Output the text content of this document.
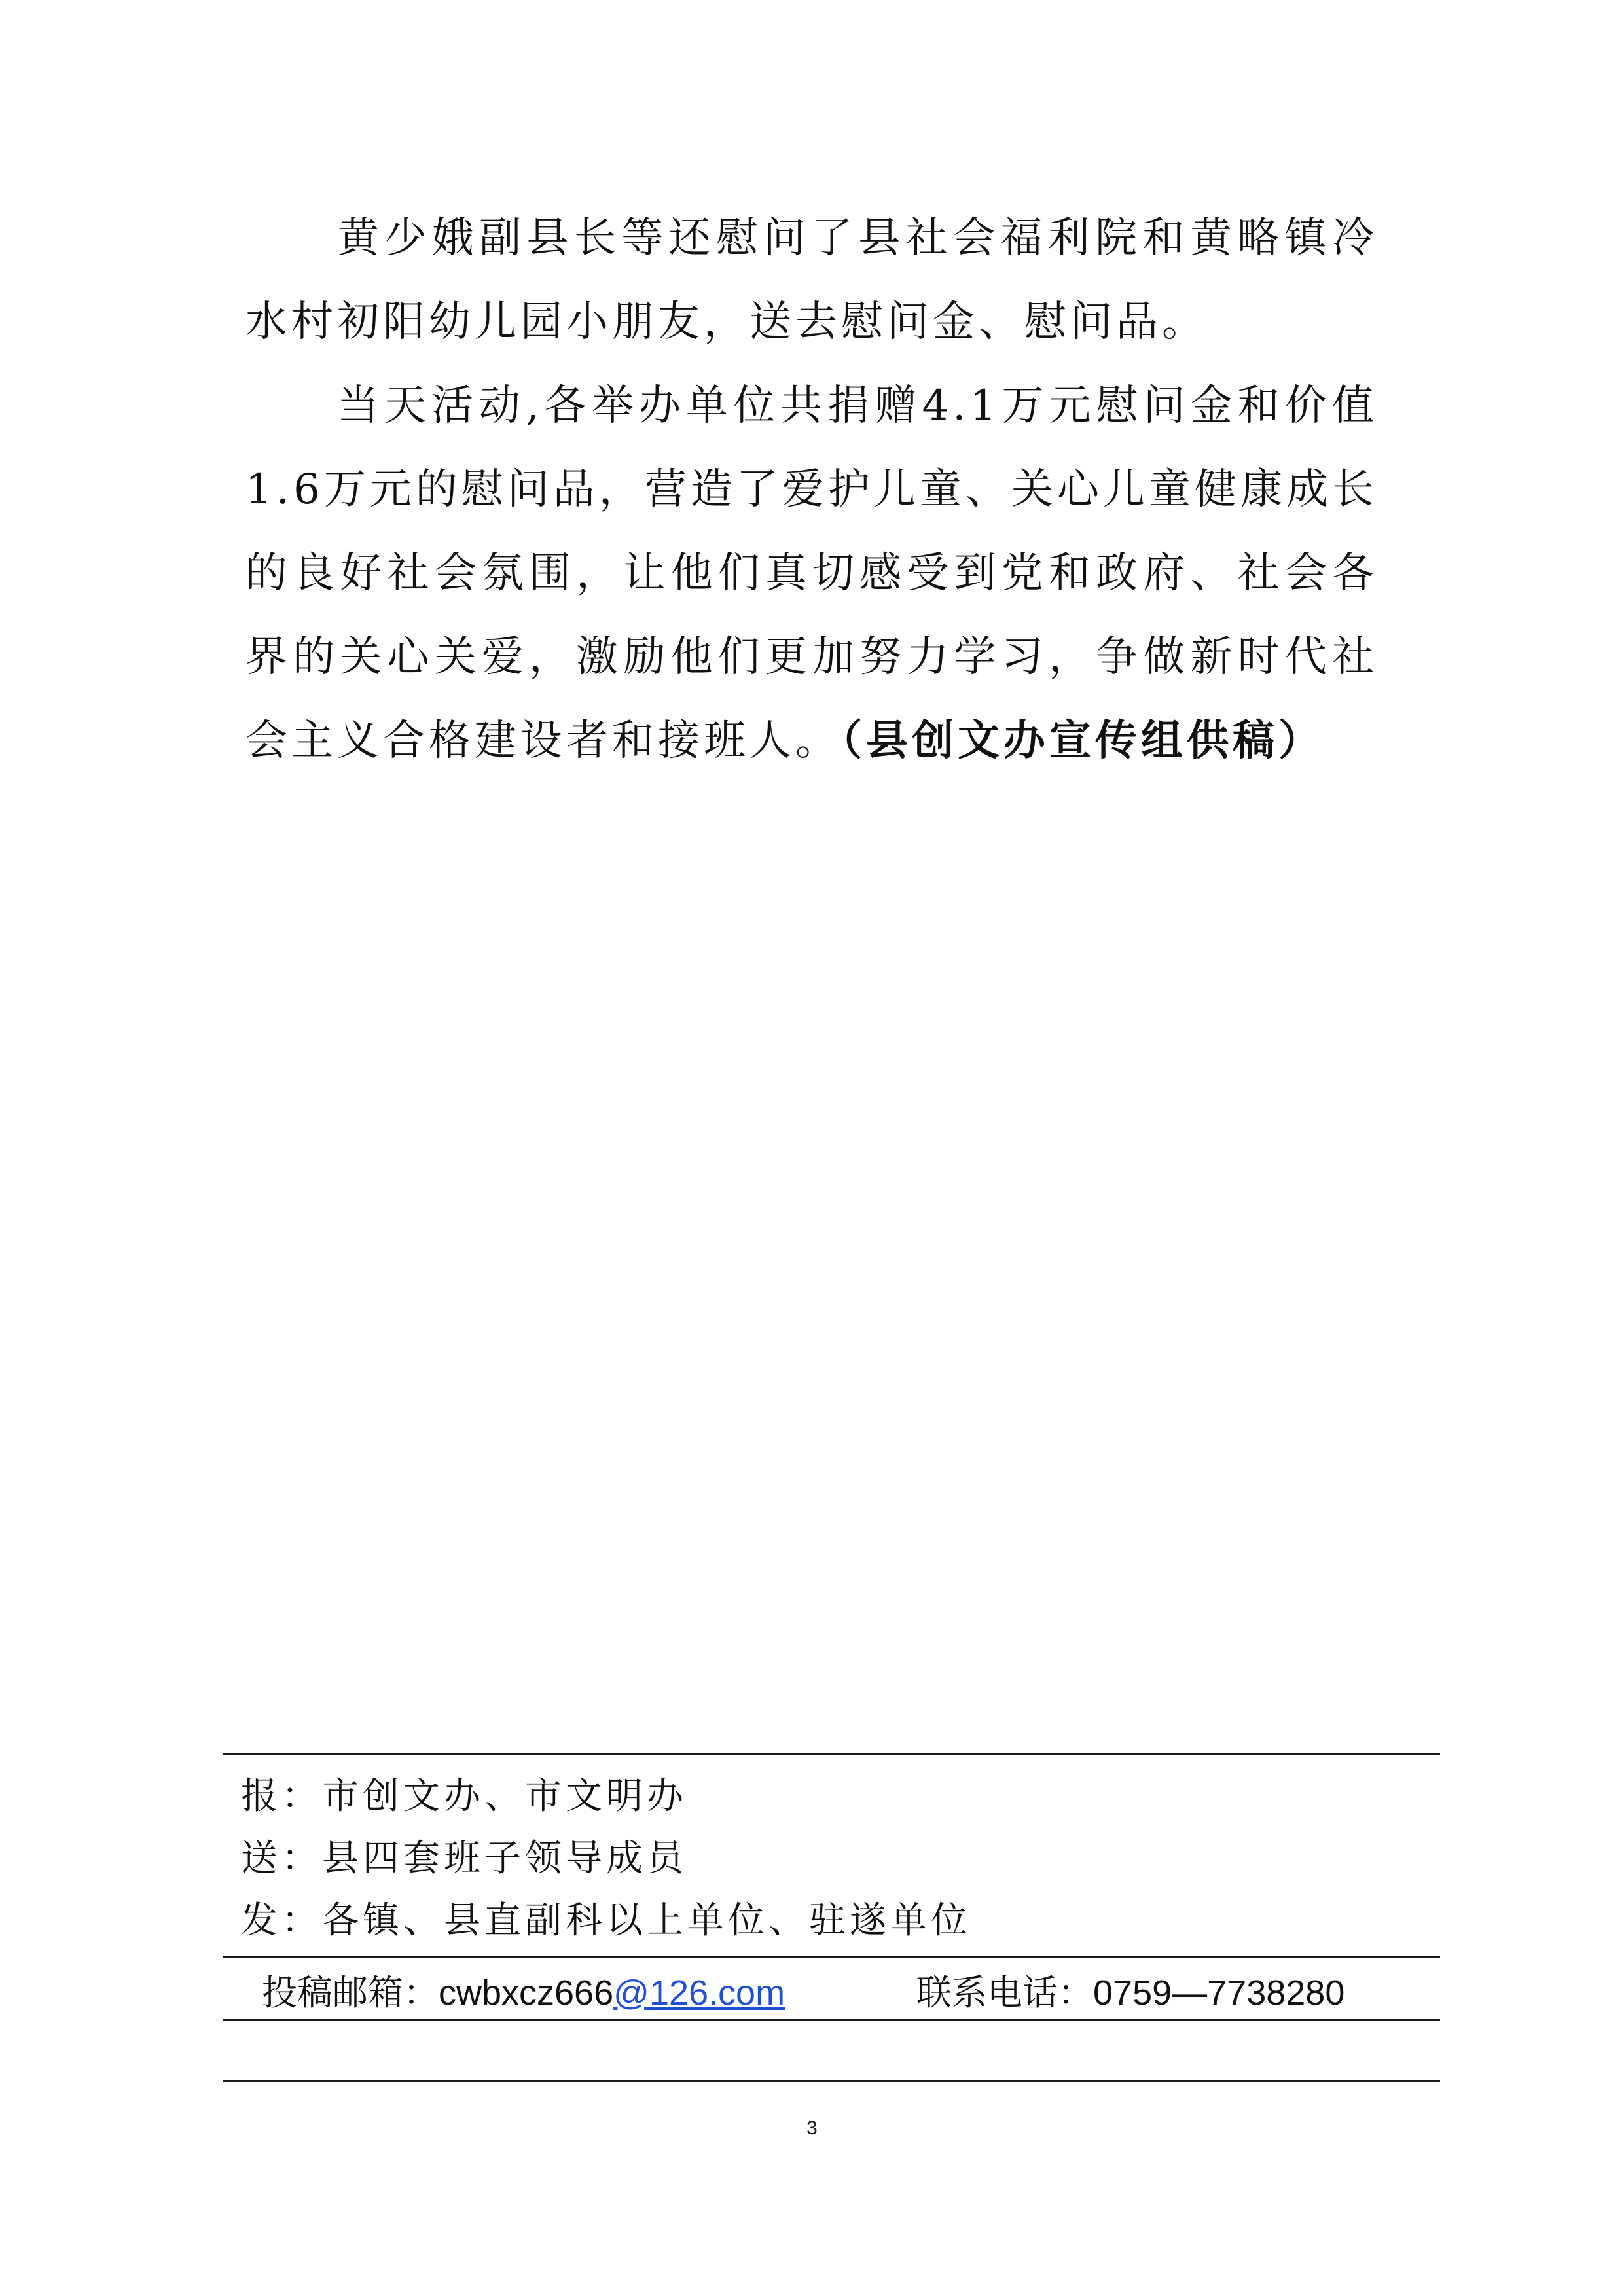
黄少娥副县长等还慰问了县社会福利院和黄略镇冷水村初阳幼儿园小朋友，送去慰问金、慰问品。

当天活动,各举办单位共捐赠4.1万元慰问金和价值1.6万元的慰问品，营造了爱护儿童、关心儿童健康成长的良好社会氛围，让他们真切感受到党和政府、社会各界的关心关爱，激励他们更加努力学习，争做新时代社会主义合格建设者和接班人。（县创文办宣传组供稿）

报：市创文办、市文明办
送：县四套班子领导成员
发：各镇、县直副科以上单位、驻遂单位
投稿邮箱：cwbxcz666@126.com	联系电话：0759—7738280
3
